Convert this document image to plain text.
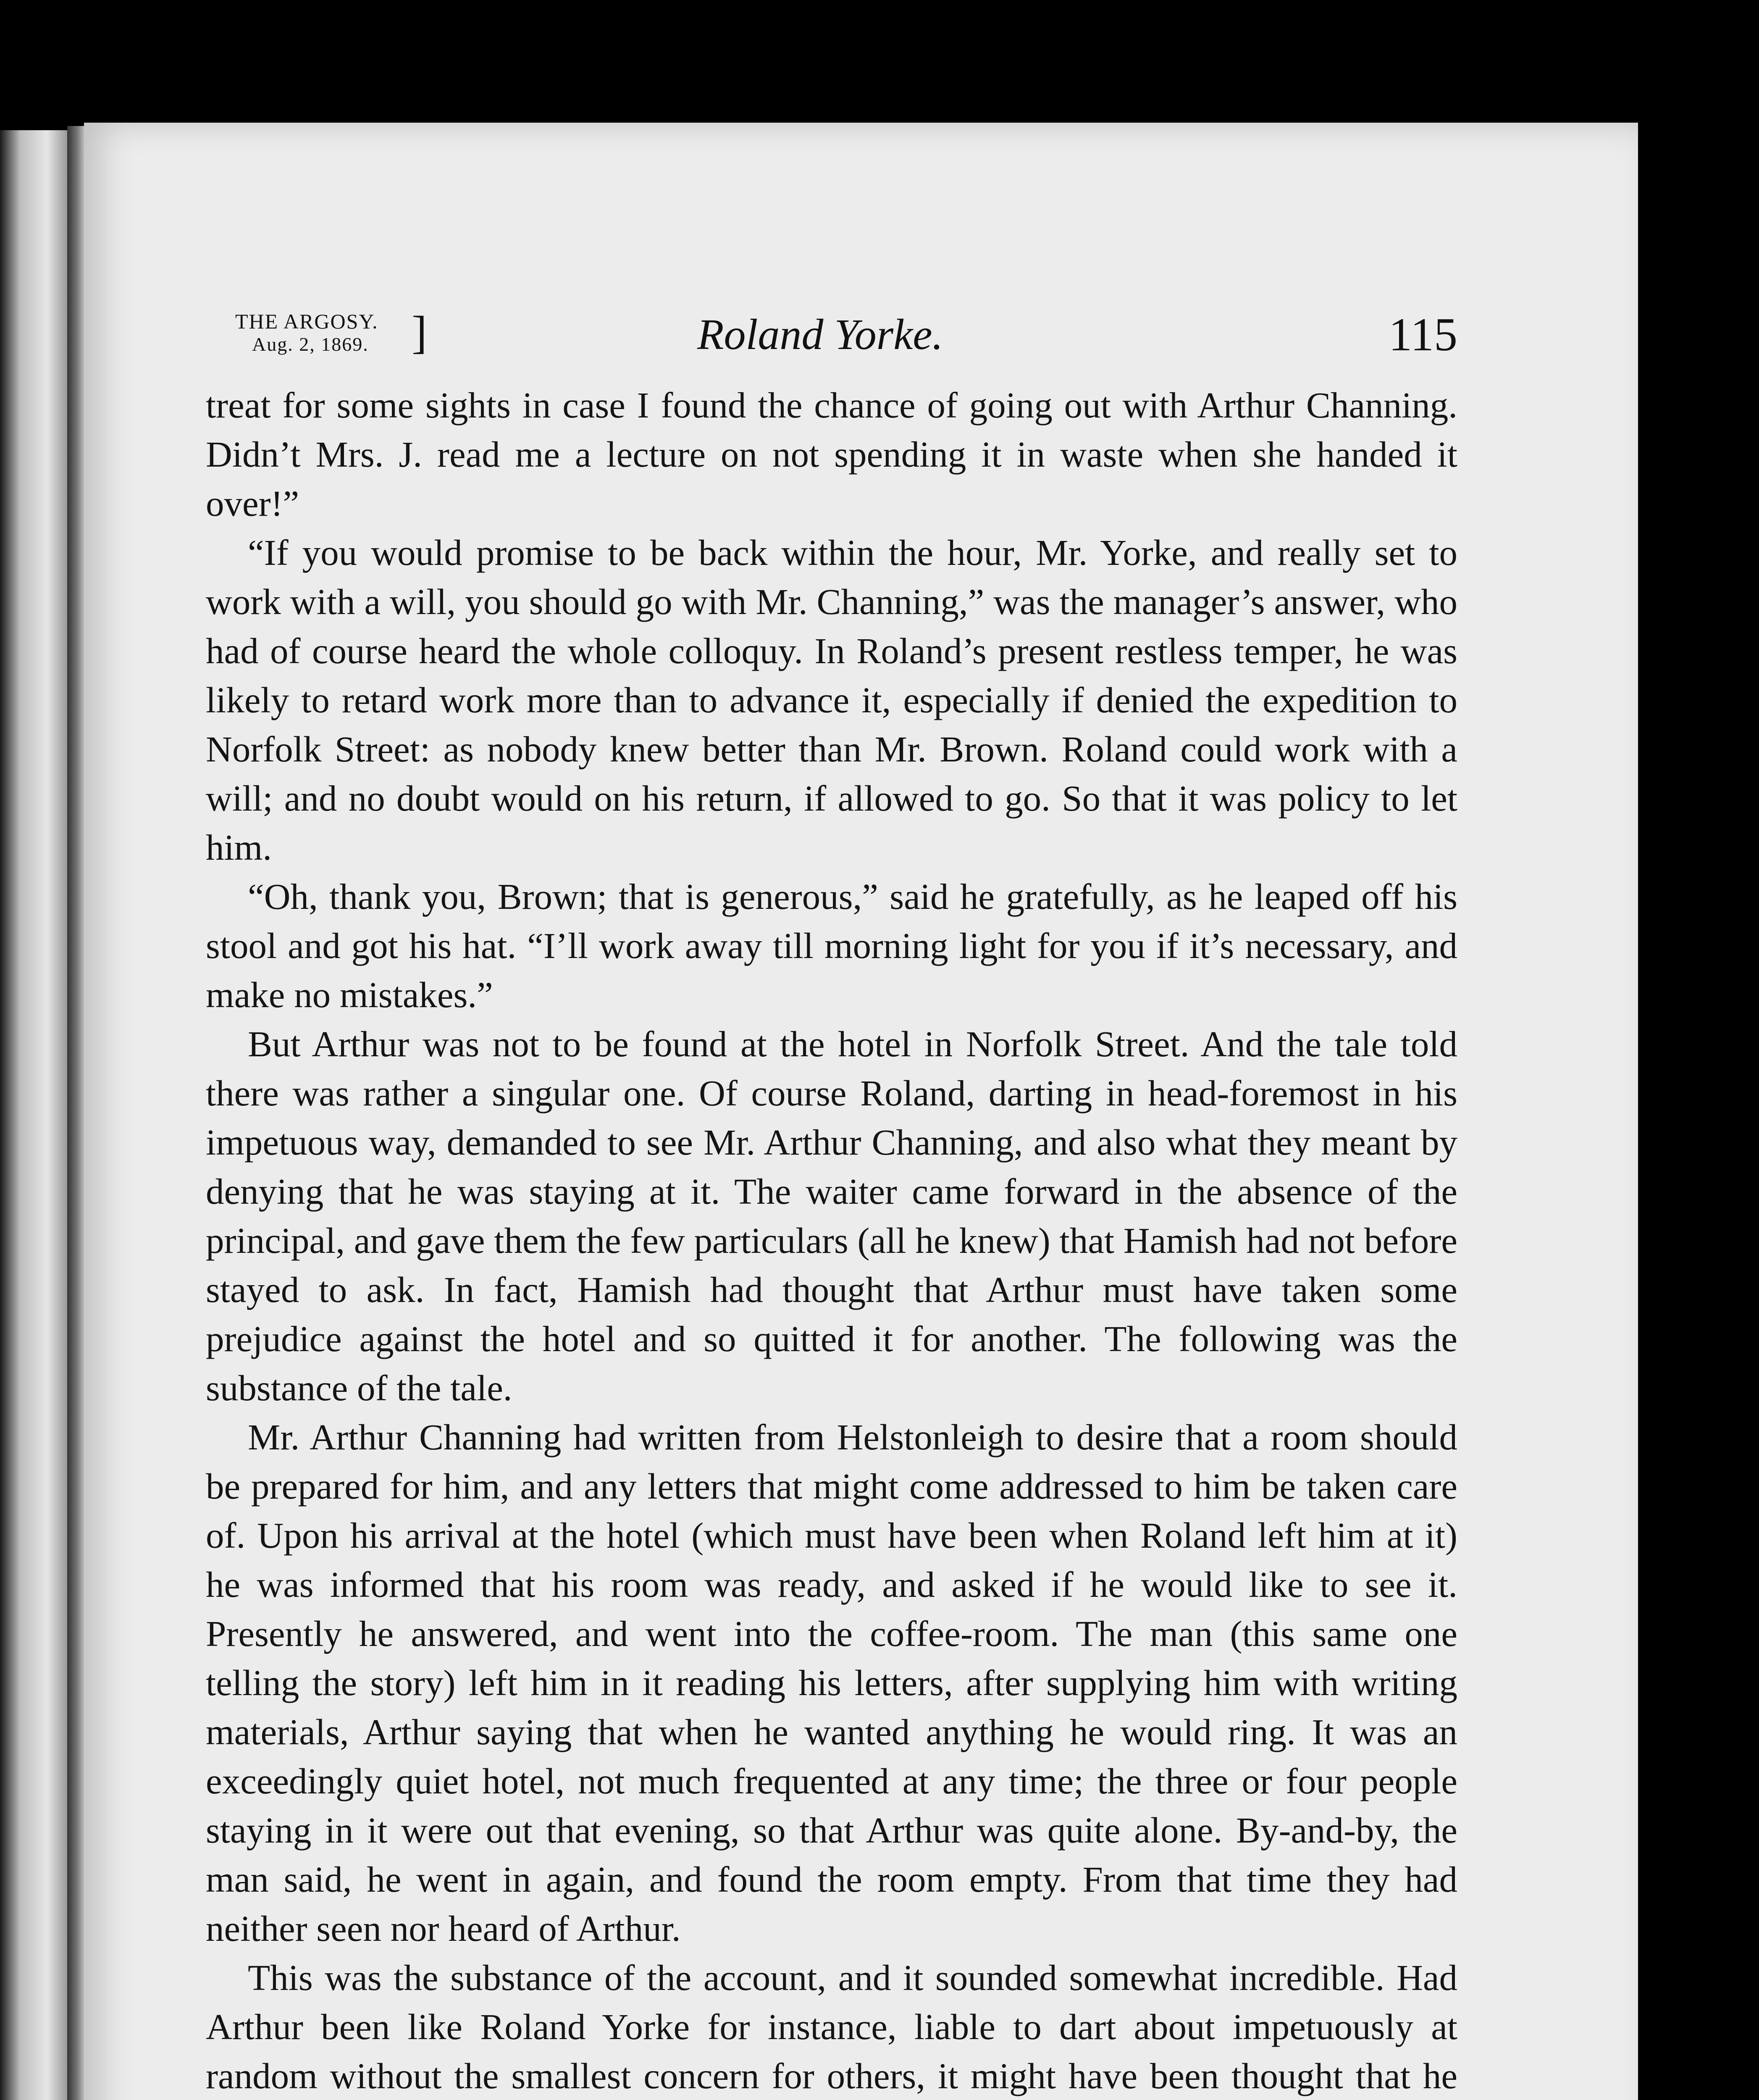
THE ARGOSY.
Aug. 2, 1869. ]	Roland Yorke.	115

treat for some sights in case I found the chance of going out with Arthur Channing. Didn’t Mrs. J. read me a lecture on not spending it in waste when she handed it over!”

“If you would promise to be back within the hour, Mr. Yorke, and really set to work with a will, you should go with Mr. Channing,” was the manager’s answer, who had of course heard the whole colloquy. In Roland’s present restless temper, he was likely to retard work more than to advance it, especially if denied the expedition to Norfolk Street: as nobody knew better than Mr. Brown. Roland could work with a will; and no doubt would on his return, if allowed to go. So that it was policy to let him.

“Oh, thank you, Brown; that is generous,” said he gratefully, as he leaped off his stool and got his hat. “I’ll work away till morning light for you if it’s necessary, and make no mistakes.”

But Arthur was not to be found at the hotel in Norfolk Street. And the tale told there was rather a singular one. Of course Roland, darting in head-foremost in his impetuous way, demanded to see Mr. Arthur Channing, and also what they meant by denying that he was staying at it. The waiter came forward in the absence of the principal, and gave them the few particulars (all he knew) that Hamish had not before stayed to ask. In fact, Hamish had thought that Arthur must have taken some prejudice against the hotel and so quitted it for another. The following was the substance of the tale.

Mr. Arthur Channing had written from Helstonleigh to desire that a room should be prepared for him, and any letters that might come addressed to him be taken care of. Upon his arrival at the hotel (which must have been when Roland left him at it) he was informed that his room was ready, and asked if he would like to see it. Presently he answered, and went into the coffee-room. The man (this same one telling the story) left him in it reading his letters, after supplying him with writing materials, Arthur saying that when he wanted anything he would ring. It was an exceedingly quiet hotel, not much frequented at any time; the three or four people staying in it were out that evening, so that Arthur was quite alone. By-and-by, the man said, he went in again, and found the room empty. From that time they had neither seen nor heard of Arthur.

This was the substance of the account, and it sounded somewhat incredible. Had Arthur been like Roland Yorke for instance, liable to dart about impetuously at random without the smallest concern for others, it might have been thought that he
